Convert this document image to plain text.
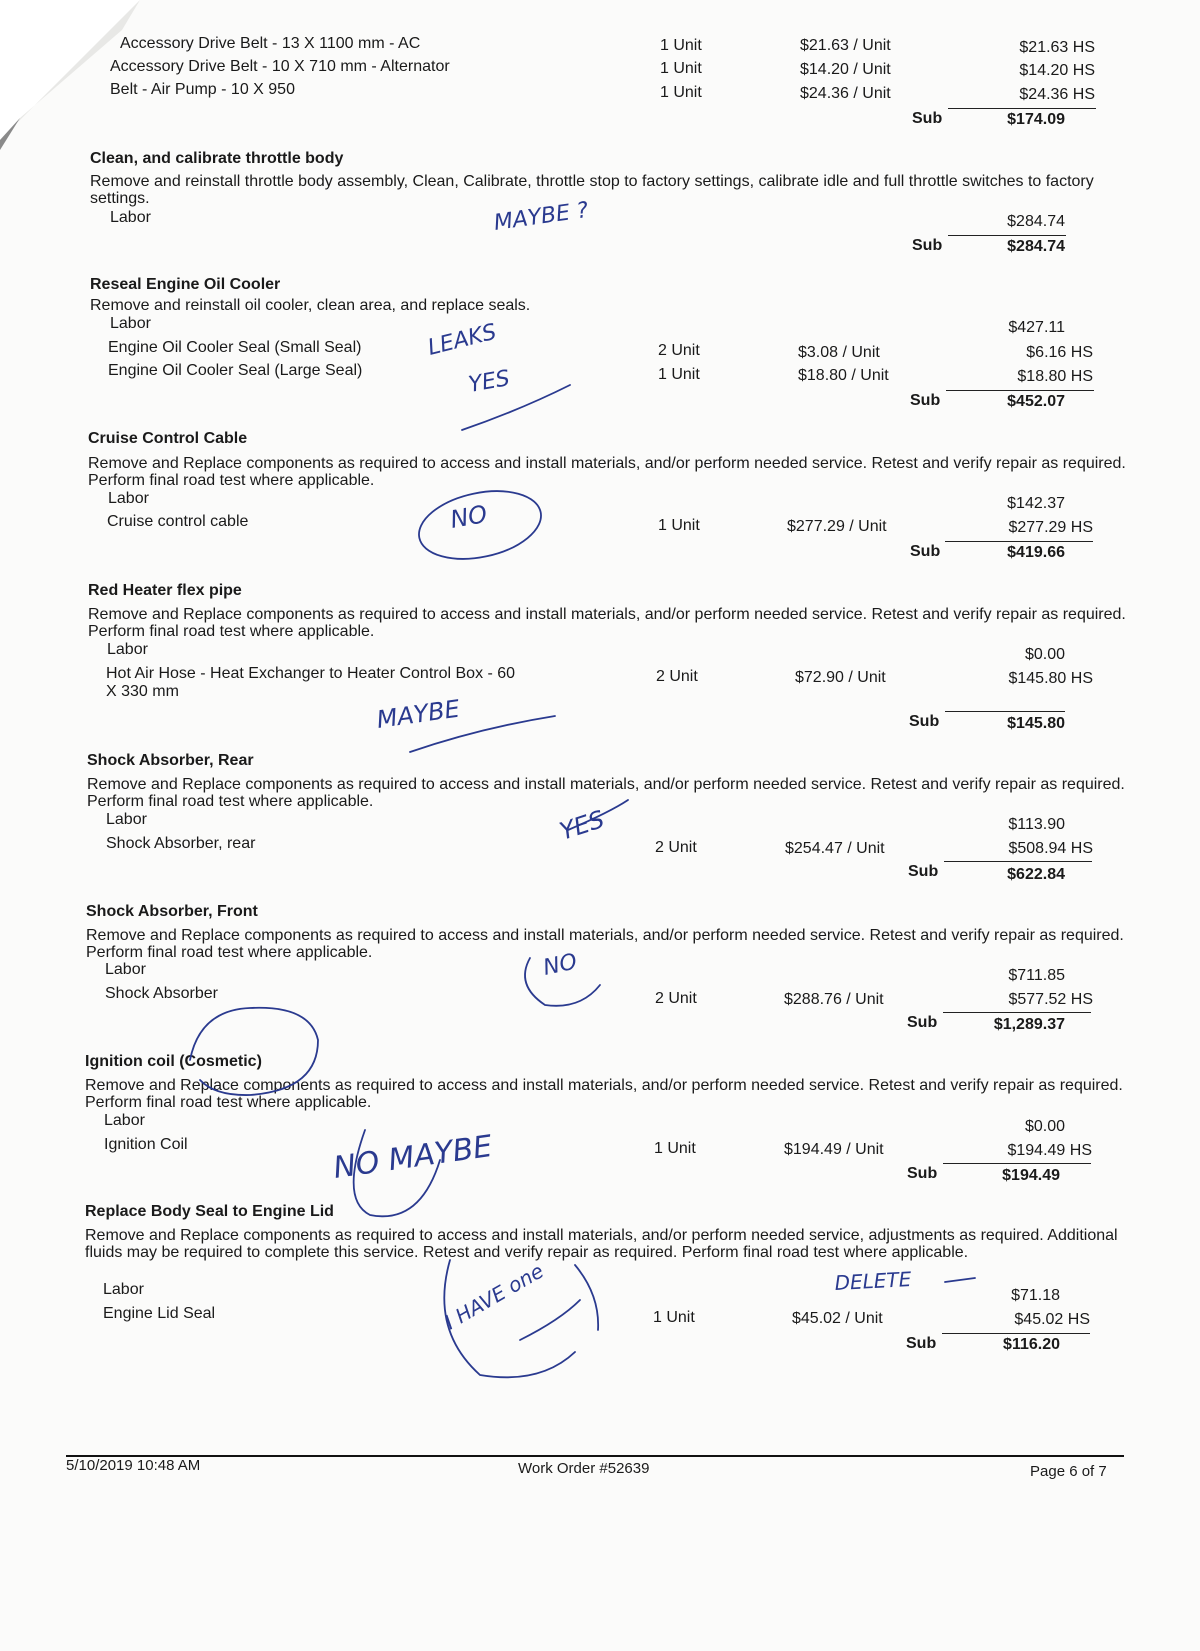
Accessory Drive Belt - 13 X 1100 mm - AC	1 Unit	$21.63 / Unit	$21.63 HS
Accessory Drive Belt - 10 X 710 mm - Alternator	1 Unit	$14.20 / Unit	$14.20 HS
Belt - Air Pump - 10 X 950	1 Unit	$24.36 / Unit	$24.36 HS
Sub	$174.09
Clean, and calibrate throttle body
Remove and reinstall throttle body assembly, Clean, Calibrate, throttle stop to factory settings, calibrate idle and full throttle switches to factory settings.
Labor	$284.74
Sub	$284.74
Reseal Engine Oil Cooler
Remove and reinstall oil cooler, clean area, and replace seals.
Labor	$427.11
Engine Oil Cooler Seal (Small Seal)	2 Unit	$3.08 / Unit	$6.16 HS
Engine Oil Cooler Seal (Large Seal)	1 Unit	$18.80 / Unit	$18.80 HS
Sub	$452.07
Cruise Control Cable
Remove and Replace components as required to access and install materials, and/or perform needed service. Retest and verify repair as required. Perform final road test where applicable.
Labor	$142.37
Cruise control cable	1 Unit	$277.29 / Unit	$277.29 HS
Sub	$419.66
Red Heater flex pipe
Remove and Replace components as required to access and install materials, and/or perform needed service. Retest and verify repair as required. Perform final road test where applicable.
Labor	$0.00
Hot Air Hose - Heat Exchanger to Heater Control Box - 60
X 330 mm
2 Unit	$72.90 / Unit	$145.80 HS
Sub	$145.80
Shock Absorber, Rear
Remove and Replace components as required to access and install materials, and/or perform needed service. Retest and verify repair as required. Perform final road test where applicable.
Labor	$113.90
Shock Absorber, rear	2 Unit	$254.47 / Unit	$508.94 HS
Sub	$622.84
Shock Absorber, Front
Remove and Replace components as required to access and install materials, and/or perform needed service. Retest and verify repair as required. Perform final road test where applicable.
Labor	$711.85
Shock Absorber	2 Unit	$288.76 / Unit	$577.52 HS
Sub	$1,289.37
Ignition coil (Cosmetic)
Remove and Replace components as required to access and install materials, and/or perform needed service. Retest and verify repair as required. Perform final road test where applicable.
Labor	$0.00
Ignition Coil	1 Unit	$194.49 / Unit	$194.49 HS
Sub	$194.49
Replace Body Seal to Engine Lid
Remove and Replace components as required to access and install materials, and/or perform needed service, adjustments as required. Additional fluids may be required to complete this service. Retest and verify repair as required. Perform final road test where applicable.
Labor	$71.18
Engine Lid Seal	1 Unit	$45.02 / Unit	$45.02 HS
Sub	$116.20
MAYBE ?
LEAKS
YES
NO
MAYBE
YES
NO
NO MAYBE
I HAVE one	DELETE
5/10/2019 10:48 AM	Work Order #52639	Page 6 of 7
